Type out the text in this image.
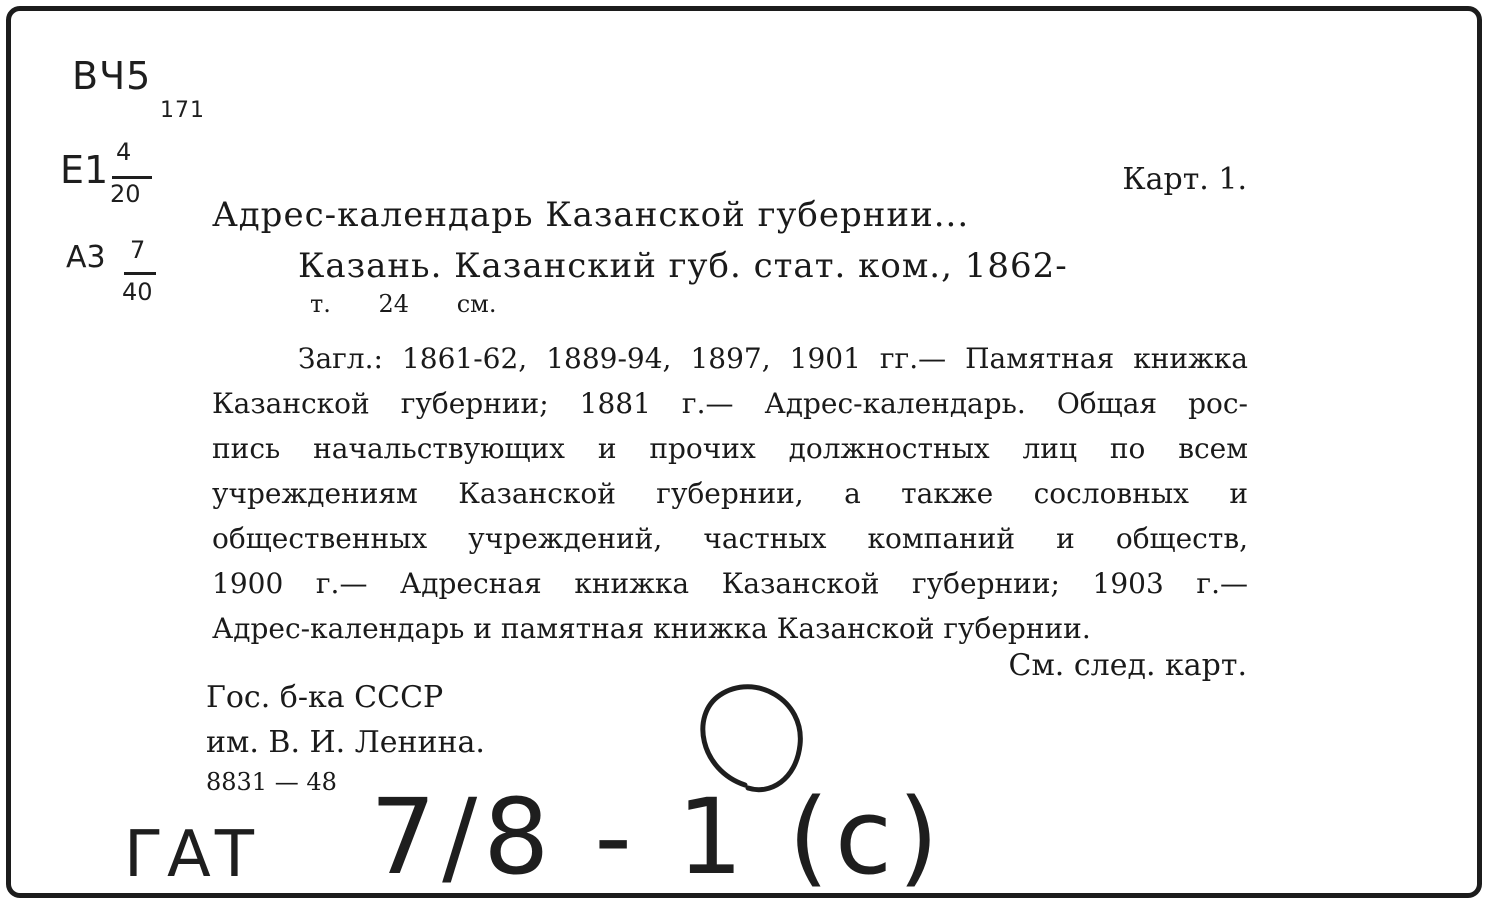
ВЧ5
171
Е1 4
20
А3 7
40
Карт. 1.
Адрес-календарь Казанской губернии...
Казань. Казанский губ. стат. ком., 1862-
т. 24 см.
Загл.: 1861-62, 1889-94, 1897, 1901 гг.— Памятная книжка
Казанской губернии; 1881 г.— Адрес-календарь. Общая рос-
пись начальствующих и прочих должностных лиц по всем
учреждениям Казанской губернии, а также сословных и
общественных учреждений, частных компаний и обществ,
1900 г.— Адресная книжка Казанской губернии; 1903 г.—
Адрес-календарь и памятная книжка Казанской губернии.
См. след. карт.
Гос. б-ка СССР
им. В. И. Ленина.
8831 — 48
ГАТ 7/8 - 1 (с)
